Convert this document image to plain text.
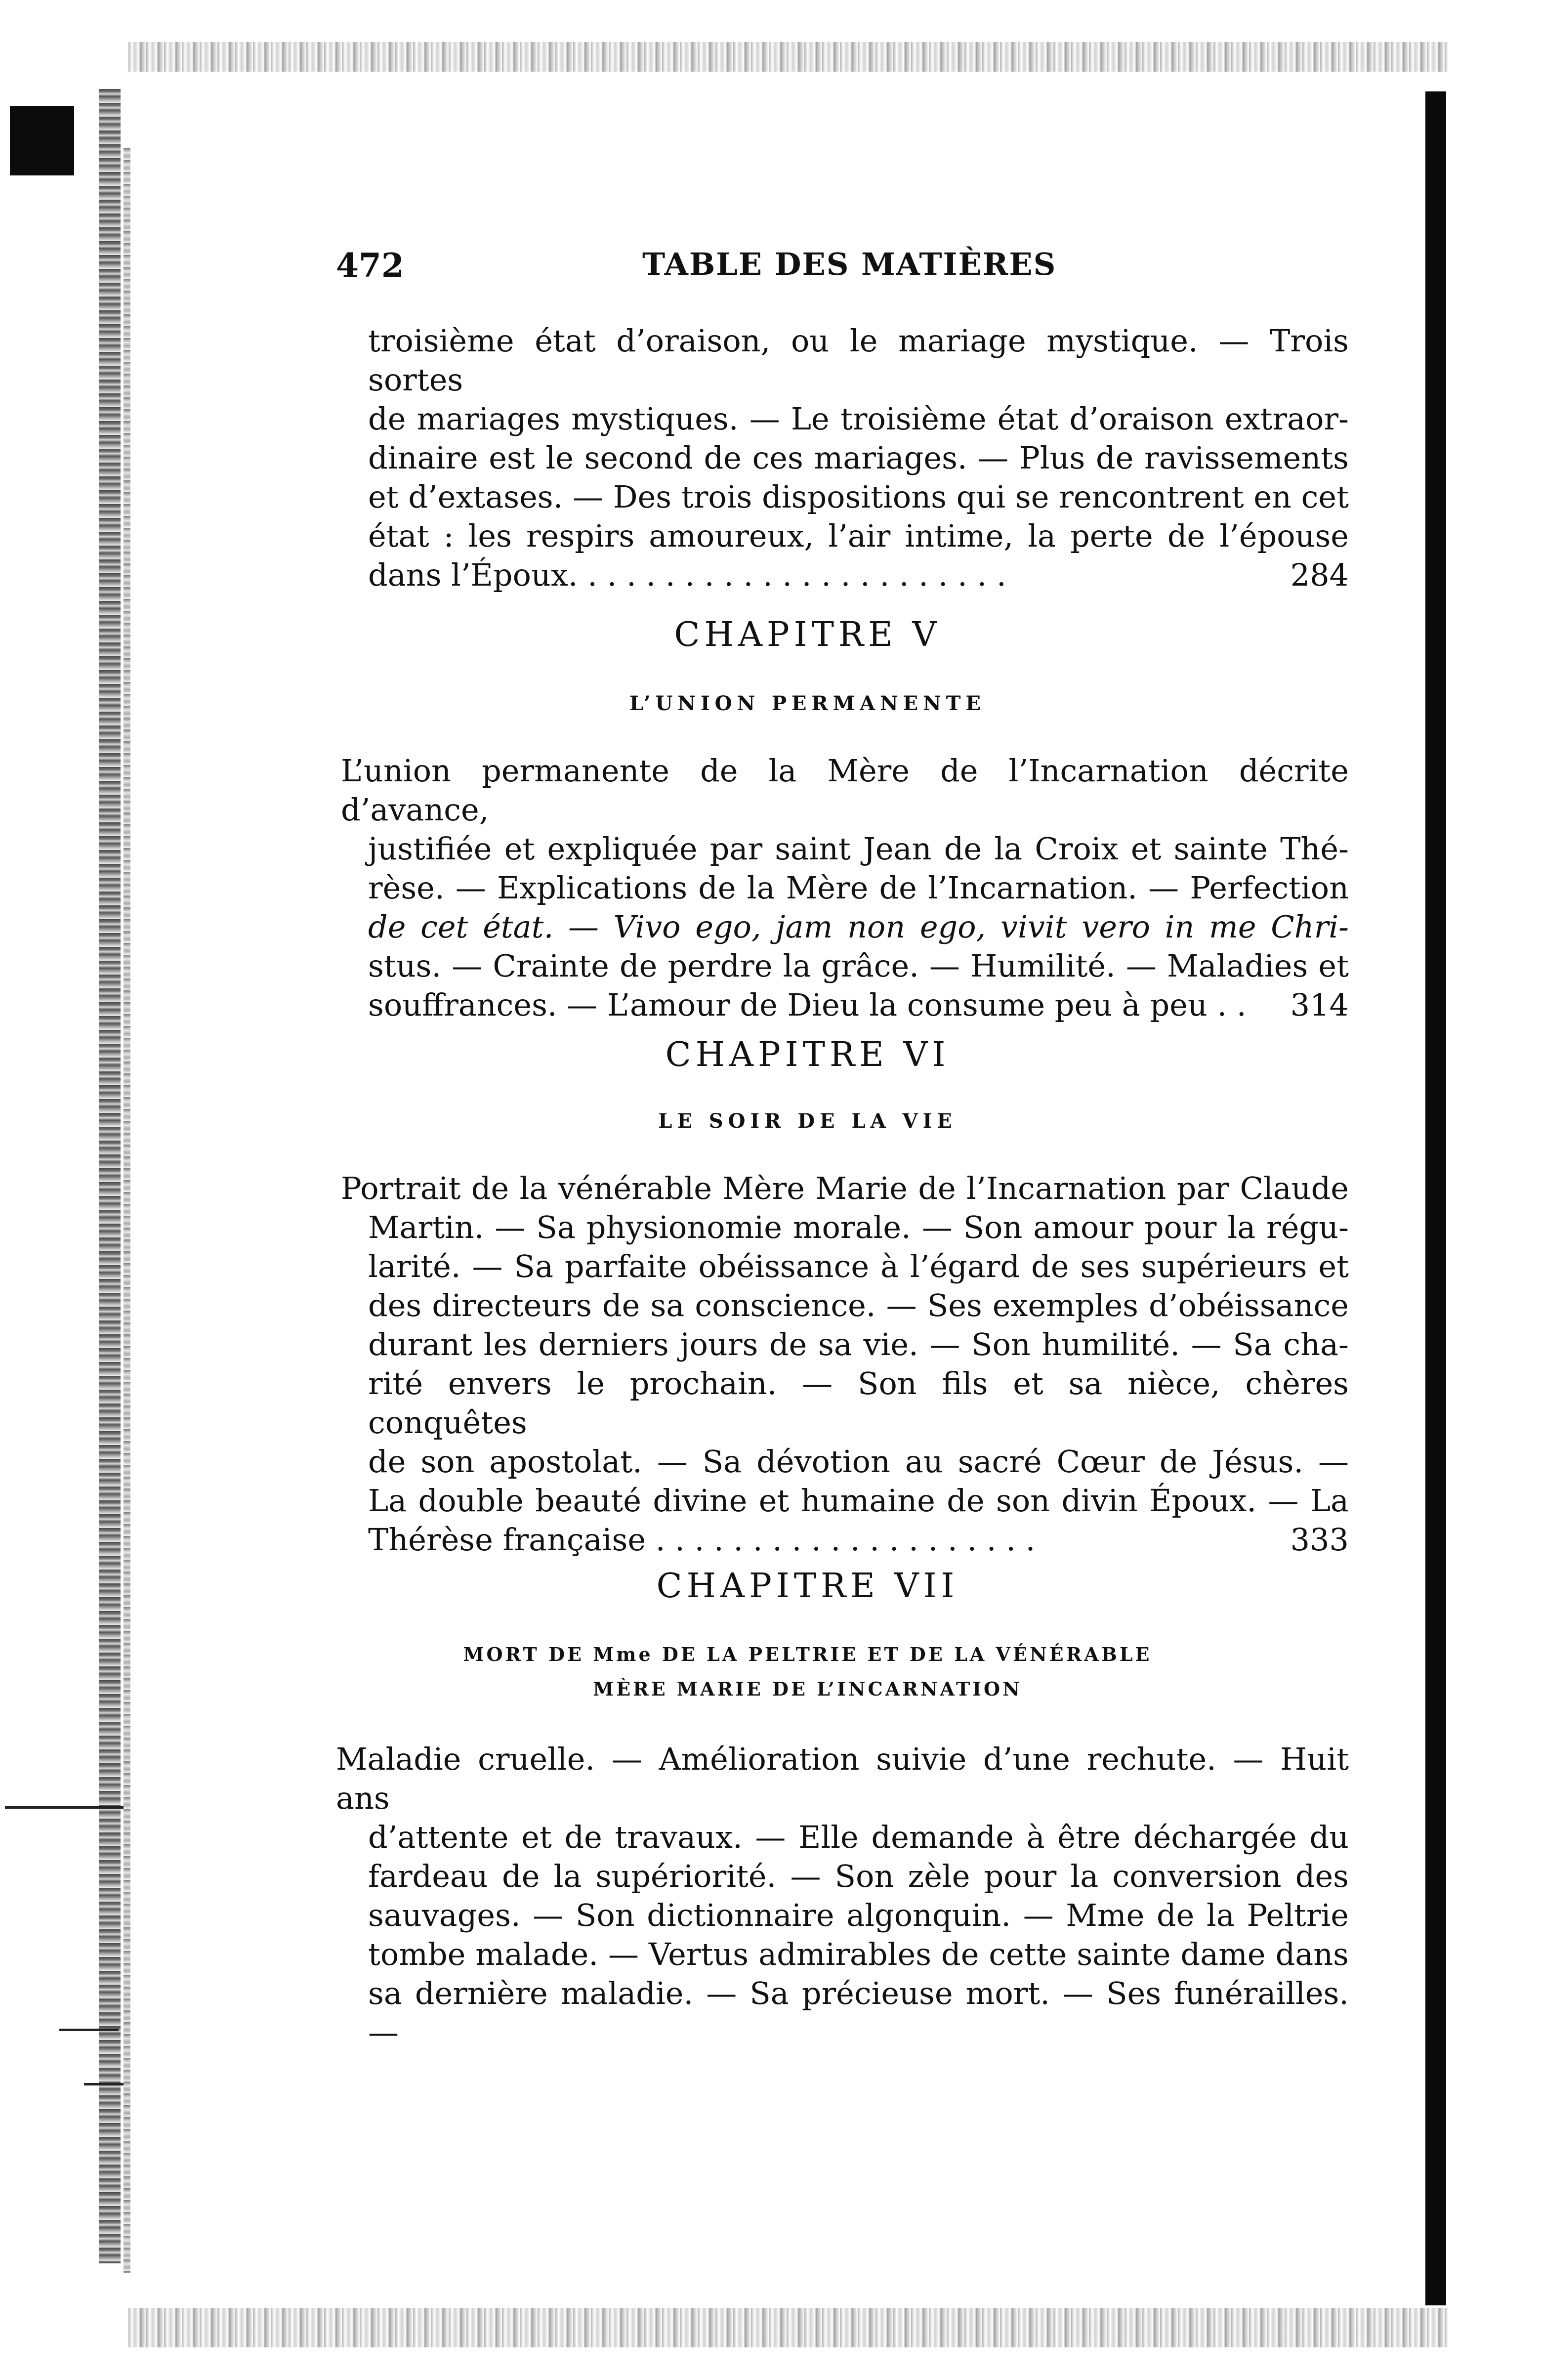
472	TABLE DES MATIÈRES
troisième état d’oraison, ou le mariage mystique. — Trois sortes
de mariages mystiques. — Le troisième état d’oraison extraor-
dinaire est le second de ces mariages. — Plus de ravissements
et d’extases. — Des trois dispositions qui se rencontrent en cet
état : les respirs amoureux, l’air intime, la perte de l’épouse
dans l’Époux. . . . . . . . . . . . . . . . . . . . . . .	284
CHAPITRE V
L’UNION PERMANENTE
L’union permanente de la Mère de l’Incarnation décrite d’avance,
justifiée et expliquée par saint Jean de la Croix et sainte Thé-
rèse. — Explications de la Mère de l’Incarnation. — Perfection
de cet état. — Vivo ego, jam non ego, vivit vero in me Chri-
stus. — Crainte de perdre la grâce. — Humilité. — Maladies et
souffrances. — L’amour de Dieu la consume peu à peu . . 314
CHAPITRE VI
LE SOIR DE LA VIE
Portrait de la vénérable Mère Marie de l’Incarnation par Claude
Martin. — Sa physionomie morale. — Son amour pour la régu-
larité. — Sa parfaite obéissance à l’égard de ses supérieurs et
des directeurs de sa conscience. — Ses exemples d’obéissance
durant les derniers jours de sa vie. — Son humilité. — Sa cha-
rité envers le prochain. — Son fils et sa nièce, chères conquêtes
de son apostolat. — Sa dévotion au sacré Cœur de Jésus. —
La double beauté divine et humaine de son divin Époux. — La
Thérèse française . . . . . . . . . . . . . . . . . . . .	333
CHAPITRE VII
MORT DE Mme DE LA PELTRIE ET DE LA VÉNÉRABLE
MÈRE MARIE DE L’INCARNATION
Maladie cruelle. — Amélioration suivie d’une rechute. — Huit ans
d’attente et de travaux. — Elle demande à être déchargée du
fardeau de la supériorité. — Son zèle pour la conversion des
sauvages. — Son dictionnaire algonquin. — Mme de la Peltrie
tombe malade. — Vertus admirables de cette sainte dame dans
sa dernière maladie. — Sa précieuse mort. — Ses funérailles.—
